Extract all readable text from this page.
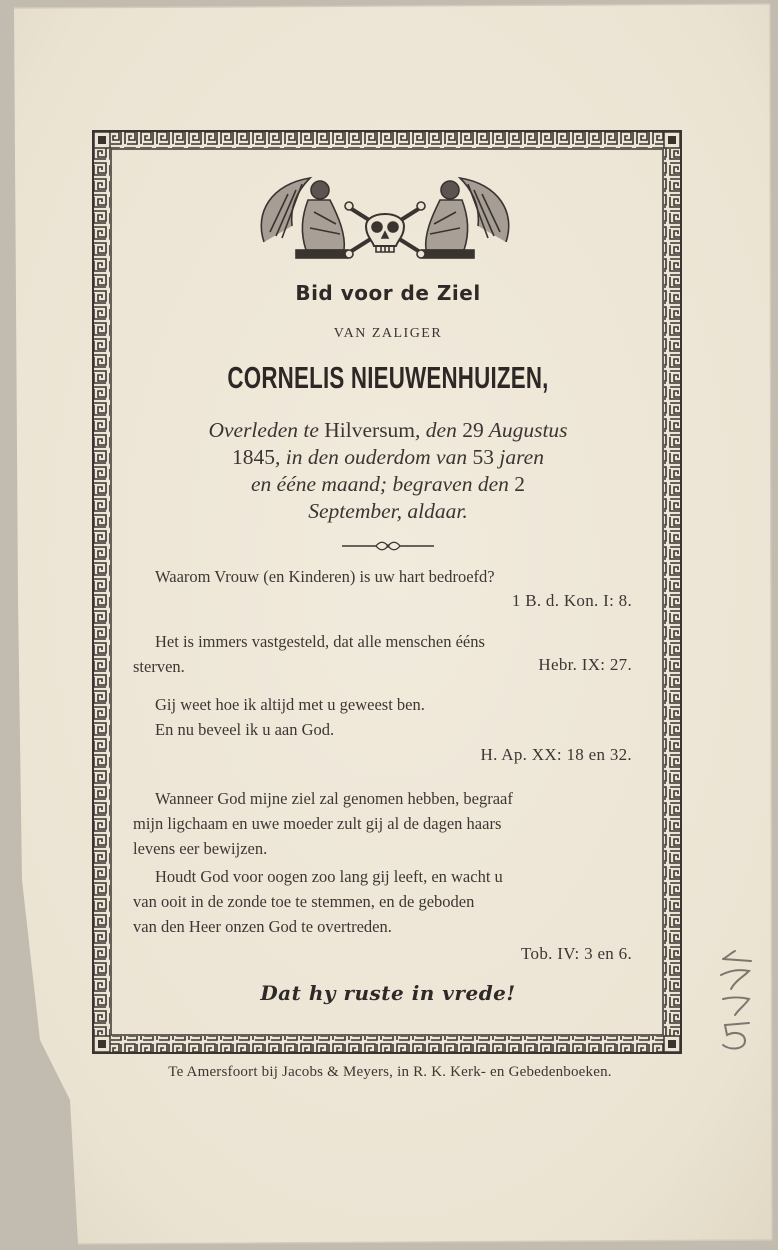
Bid voor de Ziel
VAN ZALIGER
CORNELIS NIEUWENHUIZEN,
Overleden te Hilversum, den 29 Augustus
1845, in den ouderdom van 53 jaren
en ééne maand; begraven den 2
September, aldaar.
Waarom Vrouw (en Kinderen) is uw hart bedroefd?
1 B. d. Kon. I: 8.
Het is immers vastgesteld, dat alle menschen ééns
sterven.	Hebr. IX: 27.
Gij weet hoe ik altijd met u geweest ben.
En nu beveel ik u aan God.
H. Ap. XX: 18 en 32.
Wanneer God mijne ziel zal genomen hebben, begraaf
mijn ligchaam en uwe moeder zult gij al de dagen haars
levens eer bewijzen.
Houdt God voor oogen zoo lang gij leeft, en wacht u
van ooit in de zonde toe te stemmen, en de geboden
van den Heer onzen God te overtreden.
Tob. IV: 3 en 6.
Dat hy ruste in vrede!
Te Amersfoort bij Jacobs & Meyers, in R. K. Kerk- en Gebedenboeken.
